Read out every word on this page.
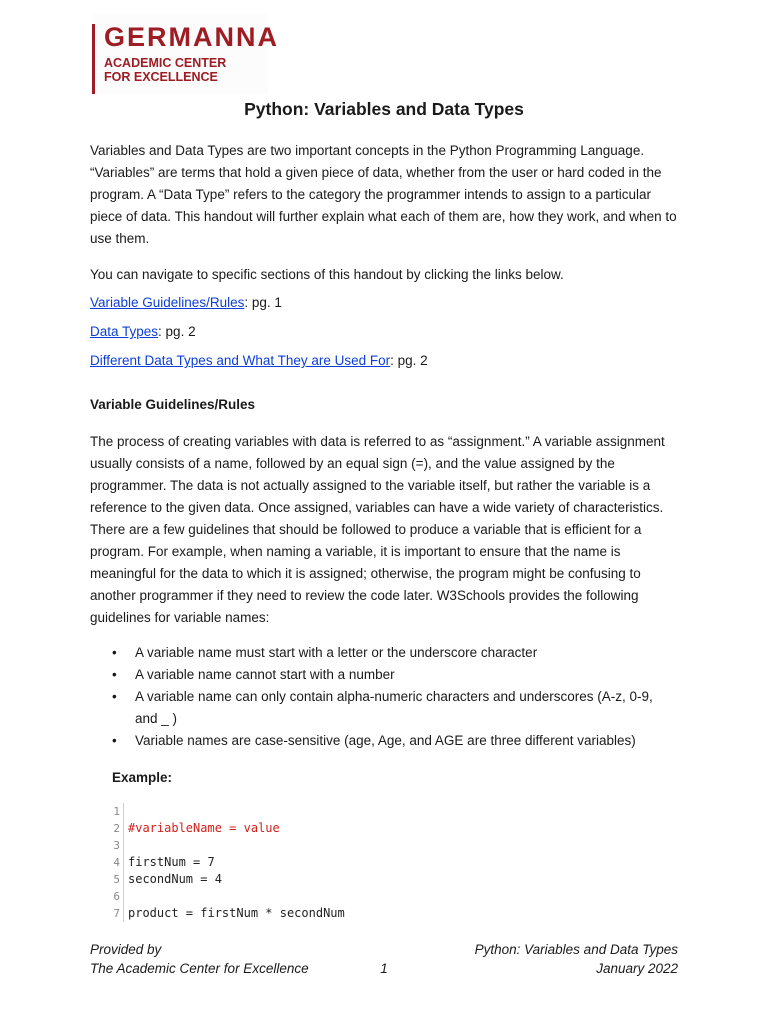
GERMANNA
ACADEMIC CENTER
FOR EXCELLENCE
Python: Variables and Data Types
Variables and Data Types are two important concepts in the Python Programming Language. “Variables” are terms that hold a given piece of data, whether from the user or hard coded in the program. A “Data Type” refers to the category the programmer intends to assign to a particular piece of data. This handout will further explain what each of them are, how they work, and when to use them.
You can navigate to specific sections of this handout by clicking the links below.
Variable Guidelines/Rules: pg. 1
Data Types: pg. 2
Different Data Types and What They are Used For: pg. 2
Variable Guidelines/Rules
The process of creating variables with data is referred to as “assignment.” A variable assignment usually consists of a name, followed by an equal sign (=), and the value assigned by the programmer. The data is not actually assigned to the variable itself, but rather the variable is a reference to the given data. Once assigned, variables can have a wide variety of characteristics. There are a few guidelines that should be followed to produce a variable that is efficient for a program. For example, when naming a variable, it is important to ensure that the name is meaningful for the data to which it is assigned; otherwise, the program might be confusing to another programmer if they need to review the code later. W3Schools provides the following guidelines for variable names:
• A variable name must start with a letter or the underscore character
• A variable name cannot start with a number
• A variable name can only contain alpha-numeric characters and underscores (A-z, 0-9, and _ )
• Variable names are case-sensitive (age, Age, and AGE are three different variables)
Example:
1
2 #variableName = value
3
4 firstNum = 7
5 secondNum = 4
6
7 product = firstNum * secondNum
Provided by
The Academic Center for Excellence
	1
Python: Variables and Data Types
January 2022
